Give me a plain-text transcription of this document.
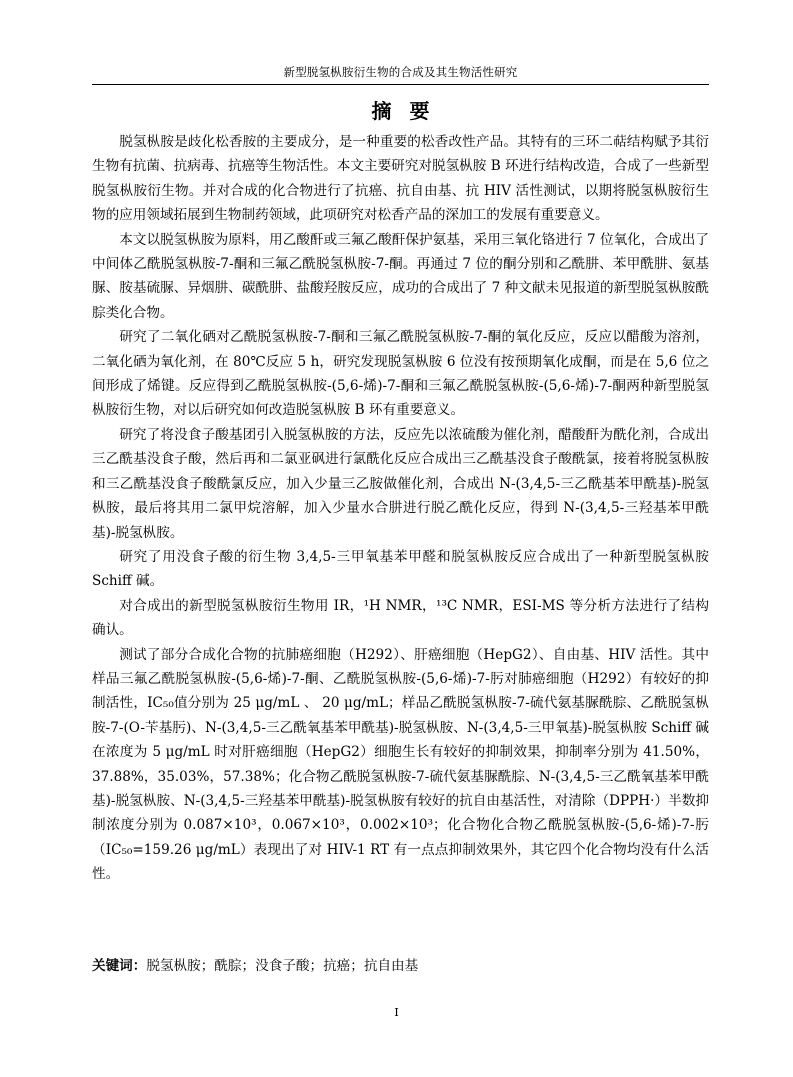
新型脱氢枞胺衍生物的合成及其生物活性研究
摘要

脱氢枞胺是歧化松香胺的主要成分，是一种重要的松香改性产品。其特有的三环二萜结构赋予其衍生物有抗菌、抗病毒、抗癌等生物活性。本文主要研究对脱氢枞胺 B 环进行结构改造，合成了一些新型脱氢枞胺衍生物。并对合成的化合物进行了抗癌、抗自由基、抗 HIV 活性测试，以期将脱氢枞胺衍生物的应用领域拓展到生物制药领域，此项研究对松香产品的深加工的发展有重要意义。

本文以脱氢枞胺为原料，用乙酸酐或三氟乙酸酐保护氨基，采用三氧化铬进行 7 位氧化，合成出了中间体乙酰脱氢枞胺-7-酮和三氟乙酰脱氢枞胺-7-酮。再通过 7 位的酮分别和乙酰肼、苯甲酰肼、氨基脲、胺基硫脲、异烟肼、碳酰肼、盐酸羟胺反应，成功的合成出了 7 种文献未见报道的新型脱氢枞胺酰腙类化合物。

研究了二氧化硒对乙酰脱氢枞胺-7-酮和三氟乙酰脱氢枞胺-7-酮的氧化反应，反应以醋酸为溶剂，二氧化硒为氧化剂，在 80℃反应 5 h，研究发现脱氢枞胺 6 位没有按预期氧化成酮，而是在 5,6 位之间形成了烯键。反应得到乙酰脱氢枞胺-(5,6-烯)-7-酮和三氟乙酰脱氢枞胺-(5,6-烯)-7-酮两种新型脱氢枞胺衍生物，对以后研究如何改造脱氢枞胺 B 环有重要意义。

研究了将没食子酸基团引入脱氢枞胺的方法，反应先以浓硫酸为催化剂，醋酸酐为酰化剂，合成出三乙酰基没食子酸，然后再和二氯亚砜进行氯酰化反应合成出三乙酰基没食子酸酰氯，接着将脱氢枞胺和三乙酰基没食子酸酰氯反应，加入少量三乙胺做催化剂，合成出 N-(3,4,5-三乙酰基苯甲酰基)-脱氢枞胺，最后将其用二氯甲烷溶解，加入少量水合肼进行脱乙酰化反应，得到 N-(3,4,5-三羟基苯甲酰基)-脱氢枞胺。

研究了用没食子酸的衍生物 3,4,5-三甲氧基苯甲醛和脱氢枞胺反应合成出了一种新型脱氢枞胺 Schiff 碱。

对合成出的新型脱氢枞胺衍生物用 IR，¹H NMR，¹³C NMR，ESI-MS 等分析方法进行了结构确认。

测试了部分合成化合物的抗肺癌细胞（H292）、肝癌细胞（HepG2）、自由基、HIV 活性。其中样品三氟乙酰脱氢枞胺-(5,6-烯)-7-酮、乙酰脱氢枞胺-(5,6-烯)-7-肟对肺癌细胞（H292）有较好的抑制活性，IC₅₀值分别为 25 μg/mL 、 20 μg/mL；样品乙酰脱氢枞胺-7-硫代氨基脲酰腙、乙酰脱氢枞胺-7-(O-苄基肟)、N-(3,4,5-三乙酰氧基苯甲酰基)-脱氢枞胺、N-(3,4,5-三甲氧基)-脱氢枞胺 Schiff 碱在浓度为 5 μg/mL 时对肝癌细胞（HepG2）细胞生长有较好的抑制效果，抑制率分别为 41.50%，37.88%，35.03%，57.38%；化合物乙酰脱氢枞胺-7-硫代氨基脲酰腙、N-(3,4,5-三乙酰氧基苯甲酰基)-脱氢枞胺、N-(3,4,5-三羟基苯甲酰基)-脱氢枞胺有较好的抗自由基活性，对清除（DPPH·）半数抑制浓度分别为 0.087×10³，0.067×10³，0.002×10³；化合物化合物乙酰脱氢枞胺-(5,6-烯)-7-肟（IC₅₀=159.26 μg/mL）表现出了对 HIV-1 RT 有一点点抑制效果外，其它四个化合物均没有什么活性。

关键词：脱氢枞胺；酰腙；没食子酸；抗癌；抗自由基
I
